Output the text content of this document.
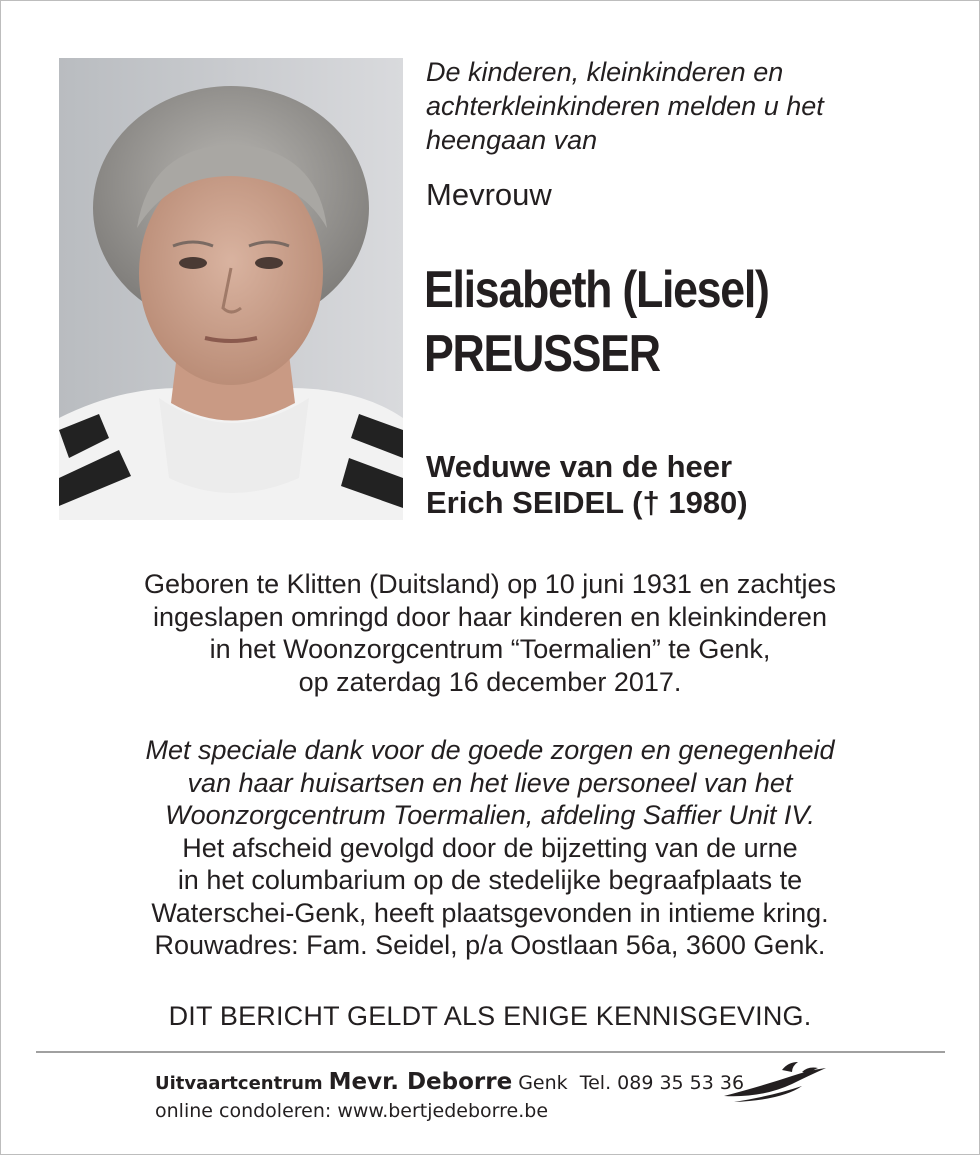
De kinderen, kleinkinderen en
achterkleinkinderen melden u het
heengaan van

Mevrouw

Elisabeth (Liesel)
PREUSSER
Weduwe van de heer
Erich SEIDEL († 1980)
Geboren te Klitten (Duitsland) op 10 juni 1931 en zachtjes
ingeslapen omringd door haar kinderen en kleinkinderen
in het Woonzorgcentrum “Toermalien” te Genk,
op zaterdag 16 december 2017.
Met speciale dank voor de goede zorgen en genegenheid
van haar huisartsen en het lieve personeel van het
Woonzorgcentrum Toermalien, afdeling Saffier Unit IV.
Het afscheid gevolgd door de bijzetting van de urne
in het columbarium op de stedelijke begraafplaats te
Waterschei-Genk, heeft plaatsgevonden in intieme kring.
Rouwadres: Fam. Seidel, p/a Oostlaan 56a, 3600 Genk.
DIT BERICHT GELDT ALS ENIGE KENNISGEVING.
Uitvaartcentrum Mevr. Deborre Genk  Tel. 089 35 53 36
online condoleren: www.bertjedeborre.be
